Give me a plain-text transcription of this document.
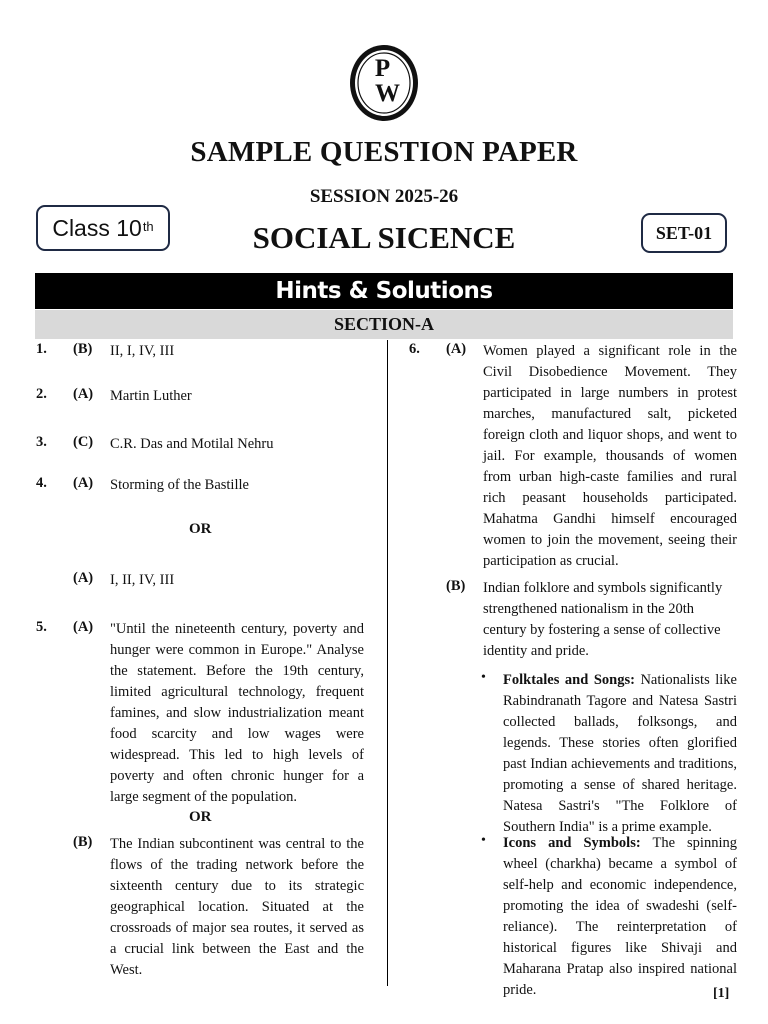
P
W
SAMPLE QUESTION PAPER
SESSION 2025-26
Class 10th	SOCIAL SICENCE	SET-01
Hints & Solutions
SECTION-A
1. (B) II, I, IV, III
2. (A) Martin Luther
3. (C) C.R. Das and Motilal Nehru
4. (A) Storming of the Bastille
OR
(A) I, II, IV, III
5. (A) "Until the nineteenth century, poverty and hunger were common in Europe." Analyse the statement. Before the 19th century, limited agricultural technology, frequent famines, and slow industrialization meant food scarcity and low wages were widespread. This led to high levels of poverty and often chronic hunger for a large segment of the population.
OR
(B) The Indian subcontinent was central to the flows of the trading network before the sixteenth century due to its strategic geographical location. Situated at the crossroads of major sea routes, it served as a crucial link between the East and the West.
6. (A) Women played a significant role in the Civil Disobedience Movement. They participated in large numbers in protest marches, manufactured salt, picketed foreign cloth and liquor shops, and went to jail. For example, thousands of women from urban high-caste families and rural rich peasant households participated. Mahatma Gandhi himself encouraged women to join the movement, seeing their participation as crucial.
(B) Indian folklore and symbols significantly strengthened nationalism in the 20th century by fostering a sense of collective identity and pride.
• Folktales and Songs: Nationalists like Rabindranath Tagore and Natesa Sastri collected ballads, folksongs, and legends. These stories often glorified past Indian achievements and traditions, promoting a sense of shared heritage. Natesa Sastri's "The Folklore of Southern India" is a prime example.
• Icons and Symbols: The spinning wheel (charkha) became a symbol of self-help and economic independence, promoting the idea of swadeshi (self-reliance). The reinterpretation of historical figures like Shivaji and Maharana Pratap also inspired national pride.	[1]
